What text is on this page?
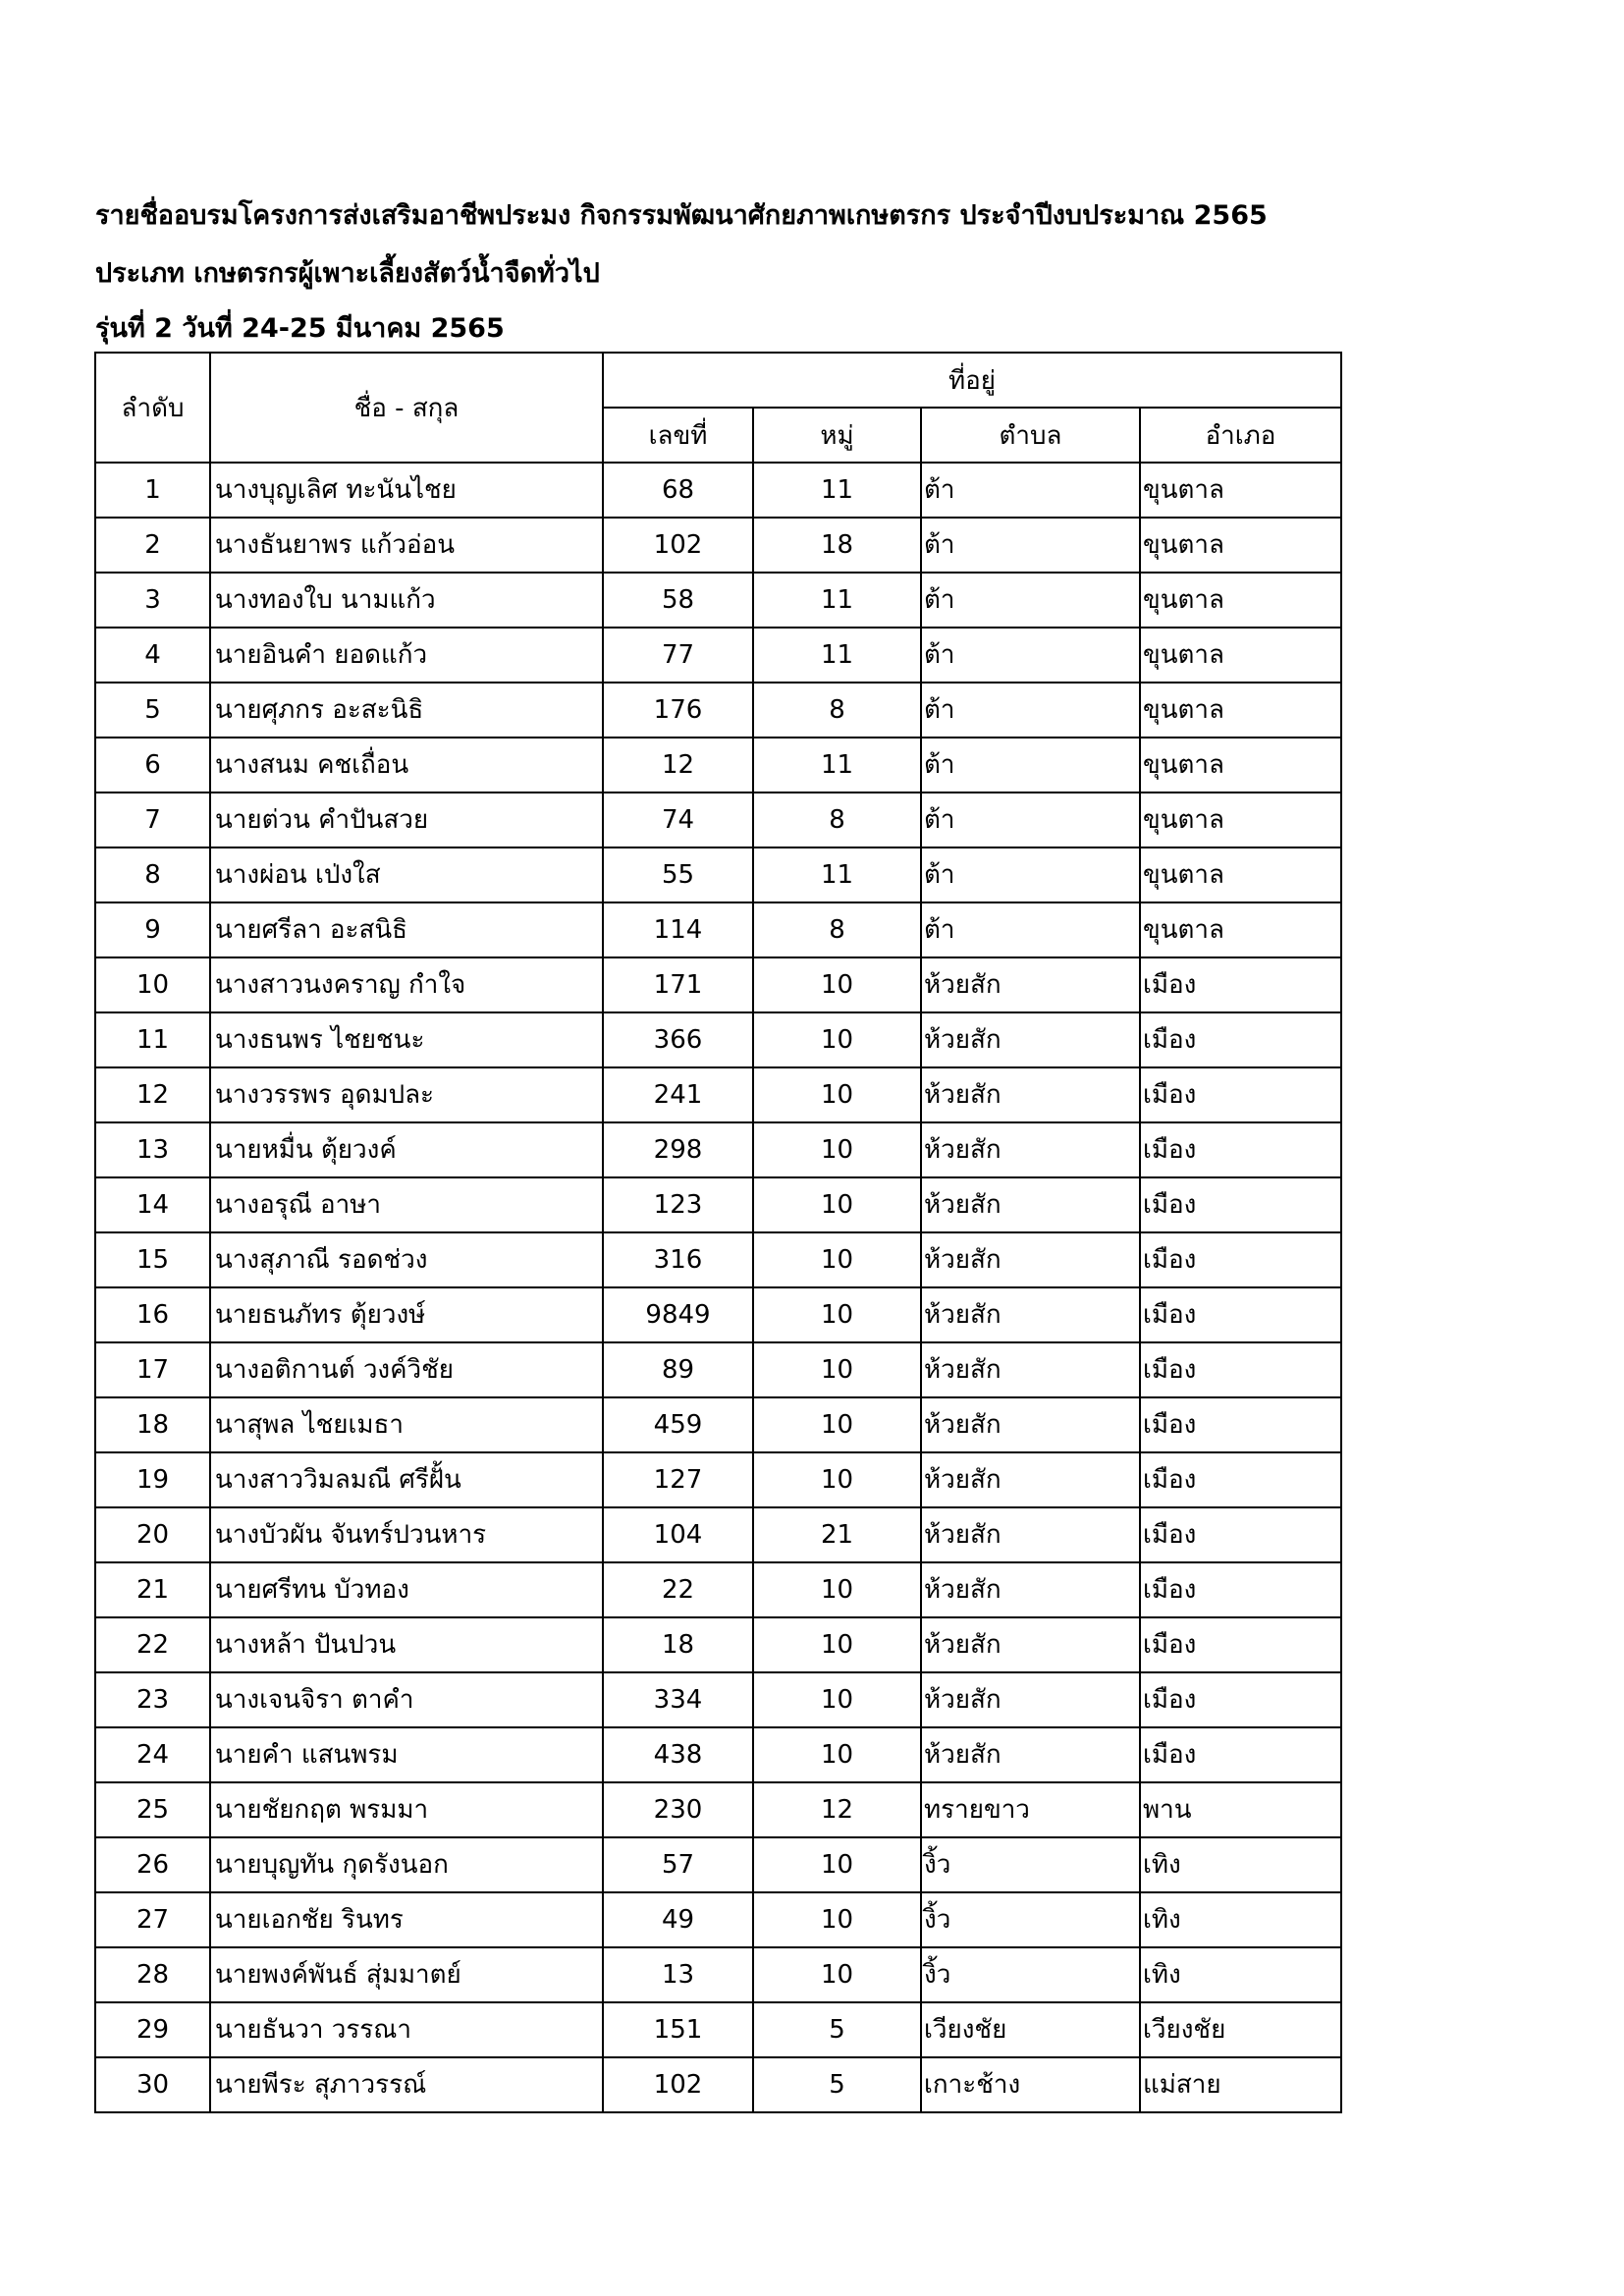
รายชื่ออบรมโครงการส่งเสริมอาชีพประมง กิจกรรมพัฒนาศักยภาพเกษตรกร ประจำปีงบประมาณ 2565
ประเภท เกษตรกรผู้เพาะเลี้ยงสัตว์น้ำจืดทั่วไป
รุ่นที่ 2 วันที่ 24-25 มีนาคม 2565
ลำดับ	ชื่อ - สกุล	ที่อยู่			
		เลขที่	หมู่	ตำบล	อำเภอ
1	นางบุญเลิศ ทะนันไชย	68	11	ต้า	ขุนตาล
2	นางธันยาพร แก้วอ่อน	102	18	ต้า	ขุนตาล
3	นางทองใบ นามแก้ว	58	11	ต้า	ขุนตาล
4	นายอินคำ ยอดแก้ว	77	11	ต้า	ขุนตาล
5	นายศุภกร อะสะนิธิ	176	8	ต้า	ขุนตาล
6	นางสนม คชเถื่อน	12	11	ต้า	ขุนตาล
7	นายต่วน คำปันสวย	74	8	ต้า	ขุนตาล
8	นางผ่อน เป่งใส	55	11	ต้า	ขุนตาล
9	นายศรีลา อะสนิธิ	114	8	ต้า	ขุนตาล
10	นางสาวนงคราญ กำใจ	171	10	ห้วยสัก	เมือง
11	นางธนพร ไชยชนะ	366	10	ห้วยสัก	เมือง
12	นางวรรพร อุดมปละ	241	10	ห้วยสัก	เมือง
13	นายหมื่น ตุ้ยวงค์	298	10	ห้วยสัก	เมือง
14	นางอรุณี อาษา	123	10	ห้วยสัก	เมือง
15	นางสุภาณี รอดช่วง	316	10	ห้วยสัก	เมือง
16	นายธนภัทร ตุ้ยวงษ์	9849	10	ห้วยสัก	เมือง
17	นางอติกานต์ วงค์วิชัย	89	10	ห้วยสัก	เมือง
18	นาสุพล ไชยเมธา	459	10	ห้วยสัก	เมือง
19	นางสาววิมลมณี ศรีฝั้น	127	10	ห้วยสัก	เมือง
20	นางบัวผัน จันทร์ปวนหาร	104	21	ห้วยสัก	เมือง
21	นายศรีทน บัวทอง	22	10	ห้วยสัก	เมือง
22	นางหล้า ปันปวน	18	10	ห้วยสัก	เมือง
23	นางเจนจิรา ตาคำ	334	10	ห้วยสัก	เมือง
24	นายคำ แสนพรม	438	10	ห้วยสัก	เมือง
25	นายชัยกฤต พรมมา	230	12	ทรายขาว	พาน
26	นายบุญทัน กุดรังนอก	57	10	งิ้ว	เทิง
27	นายเอกชัย รินทร	49	10	งิ้ว	เทิง
28	นายพงค์พันธ์ สุ่มมาตย์	13	10	งิ้ว	เทิง
29	นายธันวา วรรณา	151	5	เวียงชัย	เวียงชัย
30	นายพีระ สุภาวรรณ์	102	5	เกาะช้าง	แม่สาย
